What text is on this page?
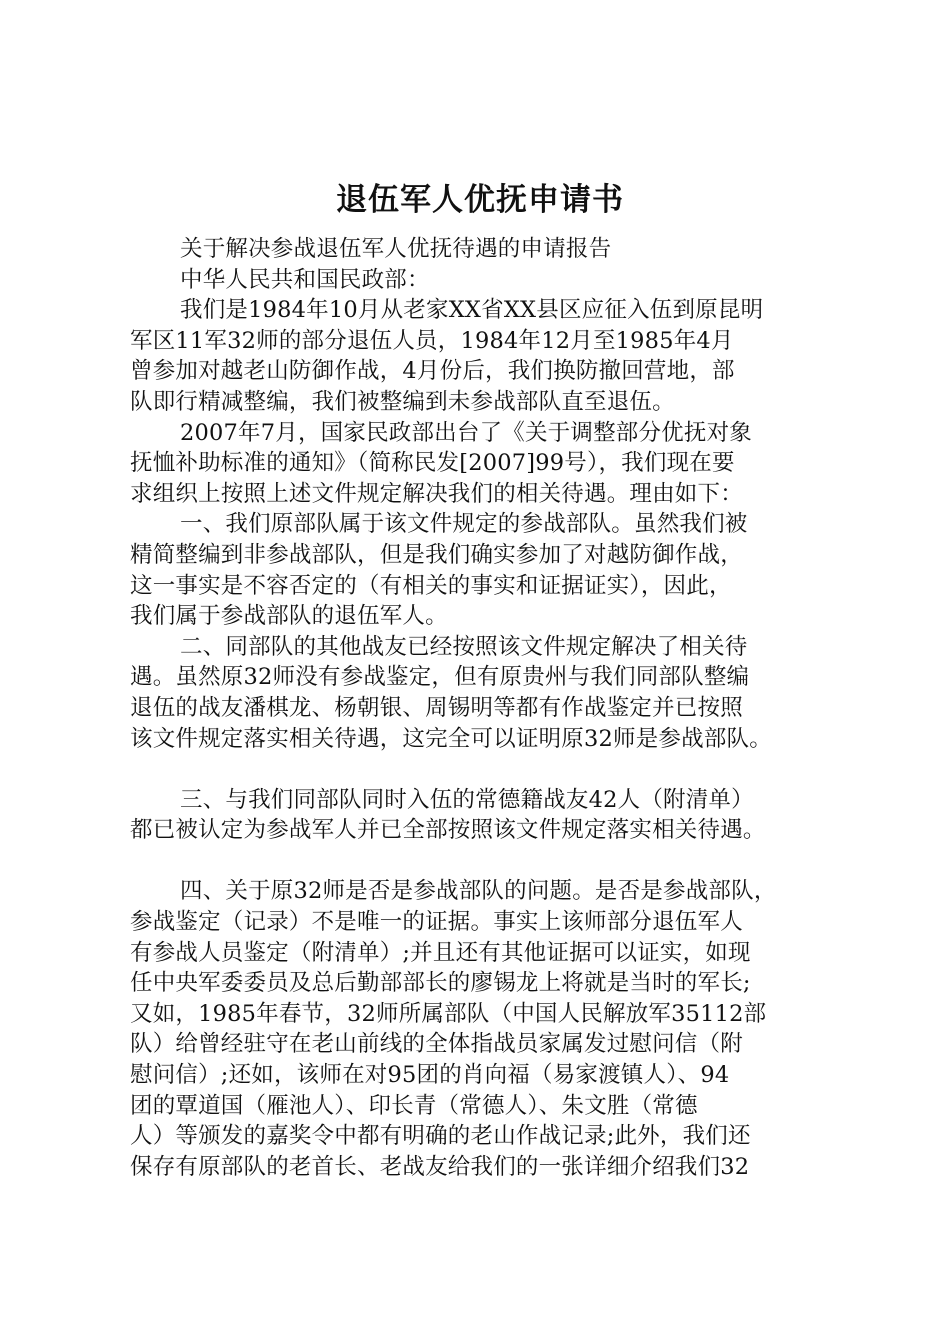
退伍军人优抚申请书
关于解决参战退伍军人优抚待遇的申请报告
中华人民共和国民政部：
我们是1984年10月从老家XX省XX县区应征入伍到原昆明
军区11军32师的部分退伍人员，1984年12月至1985年4月
曾参加对越老山防御作战，4月份后，我们换防撤回营地，部
队即行精减整编，我们被整编到未参战部队直至退伍。
2007年7月，国家民政部出台了《关于调整部分优抚对象
抚恤补助标准的通知》（简称民发[2007]99号），我们现在要
求组织上按照上述文件规定解决我们的相关待遇。理由如下：
一、我们原部队属于该文件规定的参战部队。虽然我们被
精简整编到非参战部队，但是我们确实参加了对越防御作战，
这一事实是不容否定的（有相关的事实和证据证实），因此，
我们属于参战部队的退伍军人。
二、同部队的其他战友已经按照该文件规定解决了相关待
遇。虽然原32师没有参战鉴定，但有原贵州与我们同部队整编
退伍的战友潘棋龙、杨朝银、周锡明等都有作战鉴定并已按照
该文件规定落实相关待遇，这完全可以证明原32师是参战部队。
三、与我们同部队同时入伍的常德籍战友42人（附清单）
都已被认定为参战军人并已全部按照该文件规定落实相关待遇。
四、关于原32师是否是参战部队的问题。是否是参战部队，
参战鉴定（记录）不是唯一的证据。事实上该师部分退伍军人
有参战人员鉴定（附清单）;并且还有其他证据可以证实，如现
任中央军委委员及总后勤部部长的廖锡龙上将就是当时的军长;
又如，1985年春节，32师所属部队（中国人民解放军35112部
队）给曾经驻守在老山前线的全体指战员家属发过慰问信（附
慰问信）;还如，该师在对95团的肖向福（易家渡镇人）、94
团的覃道国（雁池人）、印长青（常德人）、朱文胜（常德
人）等颁发的嘉奖令中都有明确的老山作战记录;此外，我们还
保存有原部队的老首长、老战友给我们的一张详细介绍我们32
